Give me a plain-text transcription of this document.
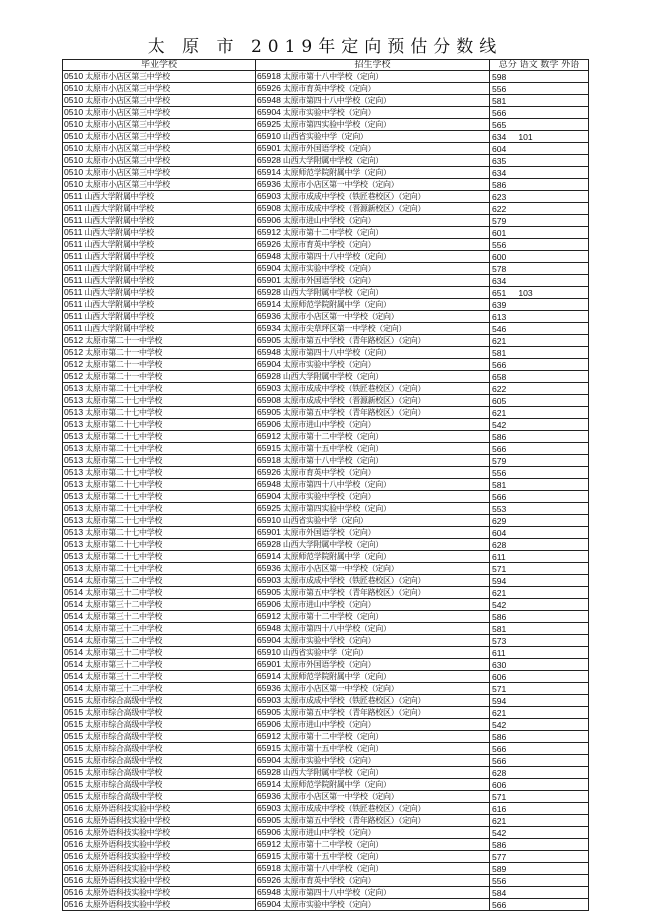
太 原 市 2019年定向预估分数线
毕业学校	招生学校	总分 语文 数学 外语
0510 太原市小店区第三中学校	65918 太原市第十八中学校（定向）	598
0510 太原市小店区第三中学校	65926 太原市育英中学校（定向）	556
0510 太原市小店区第三中学校	65948 太原市第四十八中学校（定向）	581
0510 太原市小店区第三中学校	65904 太原市实验中学校（定向）	566
0510 太原市小店区第三中学校	65925 太原市第四实验中学校（定向）	565
0510 太原市小店区第三中学校	65910 山西省实验中学（定向）	634 101
0510 太原市小店区第三中学校	65901 太原市外国语学校（定向）	604
0510 太原市小店区第三中学校	65928 山西大学附属中学校（定向）	635
0510 太原市小店区第三中学校	65914 太原师范学院附属中学（定向）	634
0510 太原市小店区第三中学校	65936 太原市小店区第一中学校（定向）	586
0511 山西大学附属中学校	65903 太原市成成中学校（铁匠巷校区）（定向）	623
0511 山西大学附属中学校	65908 太原市成成中学校（晋源新校区）（定向）	622
0511 山西大学附属中学校	65906 太原市进山中学校（定向）	579
0511 山西大学附属中学校	65912 太原市第十二中学校（定向）	601
0511 山西大学附属中学校	65926 太原市育英中学校（定向）	556
0511 山西大学附属中学校	65948 太原市第四十八中学校（定向）	600
0511 山西大学附属中学校	65904 太原市实验中学校（定向）	578
0511 山西大学附属中学校	65901 太原市外国语学校（定向）	634
0511 山西大学附属中学校	65928 山西大学附属中学校（定向）	651 103
0511 山西大学附属中学校	65914 太原师范学院附属中学（定向）	639
0511 山西大学附属中学校	65936 太原市小店区第一中学校（定向）	613
0511 山西大学附属中学校	65934 太原市尖草坪区第一中学校（定向）	546
0512 太原市第二十一中学校	65905 太原市第五中学校（青年路校区）（定向）	621
0512 太原市第二十一中学校	65948 太原市第四十八中学校（定向）	581
0512 太原市第二十一中学校	65904 太原市实验中学校（定向）	566
0512 太原市第二十一中学校	65928 山西大学附属中学校（定向）	658
0513 太原市第二十七中学校	65903 太原市成成中学校（铁匠巷校区）（定向）	622
0513 太原市第二十七中学校	65908 太原市成成中学校（晋源新校区）（定向）	605
0513 太原市第二十七中学校	65905 太原市第五中学校（青年路校区）（定向）	621
0513 太原市第二十七中学校	65906 太原市进山中学校（定向）	542
0513 太原市第二十七中学校	65912 太原市第十二中学校（定向）	586
0513 太原市第二十七中学校	65915 太原市第十五中学校（定向）	566
0513 太原市第二十七中学校	65918 太原市第十八中学校（定向）	579
0513 太原市第二十七中学校	65926 太原市育英中学校（定向）	556
0513 太原市第二十七中学校	65948 太原市第四十八中学校（定向）	581
0513 太原市第二十七中学校	65904 太原市实验中学校（定向）	566
0513 太原市第二十七中学校	65925 太原市第四实验中学校（定向）	553
0513 太原市第二十七中学校	65910 山西省实验中学（定向）	629
0513 太原市第二十七中学校	65901 太原市外国语学校（定向）	604
0513 太原市第二十七中学校	65928 山西大学附属中学校（定向）	628
0513 太原市第二十七中学校	65914 太原师范学院附属中学（定向）	611
0513 太原市第二十七中学校	65936 太原市小店区第一中学校（定向）	571
0514 太原市第三十二中学校	65903 太原市成成中学校（铁匠巷校区）（定向）	594
0514 太原市第三十二中学校	65905 太原市第五中学校（青年路校区）（定向）	621
0514 太原市第三十二中学校	65906 太原市进山中学校（定向）	542
0514 太原市第三十二中学校	65912 太原市第十二中学校（定向）	586
0514 太原市第三十二中学校	65948 太原市第四十八中学校（定向）	581
0514 太原市第三十二中学校	65904 太原市实验中学校（定向）	573
0514 太原市第三十二中学校	65910 山西省实验中学（定向）	611
0514 太原市第三十二中学校	65901 太原市外国语学校（定向）	630
0514 太原市第三十二中学校	65914 太原师范学院附属中学（定向）	606
0514 太原市第三十二中学校	65936 太原市小店区第一中学校（定向）	571
0515 太原市综合高级中学校	65903 太原市成成中学校（铁匠巷校区）（定向）	594
0515 太原市综合高级中学校	65905 太原市第五中学校（青年路校区）（定向）	621
0515 太原市综合高级中学校	65906 太原市进山中学校（定向）	542
0515 太原市综合高级中学校	65912 太原市第十二中学校（定向）	586
0515 太原市综合高级中学校	65915 太原市第十五中学校（定向）	566
0515 太原市综合高级中学校	65904 太原市实验中学校（定向）	566
0515 太原市综合高级中学校	65928 山西大学附属中学校（定向）	628
0515 太原市综合高级中学校	65914 太原师范学院附属中学（定向）	606
0515 太原市综合高级中学校	65936 太原市小店区第一中学校（定向）	571
0516 太原外语科技实验中学校	65903 太原市成成中学校（铁匠巷校区）（定向）	616
0516 太原外语科技实验中学校	65905 太原市第五中学校（青年路校区）（定向）	621
0516 太原外语科技实验中学校	65906 太原市进山中学校（定向）	542
0516 太原外语科技实验中学校	65912 太原市第十二中学校（定向）	586
0516 太原外语科技实验中学校	65915 太原市第十五中学校（定向）	577
0516 太原外语科技实验中学校	65918 太原市第十八中学校（定向）	589
0516 太原外语科技实验中学校	65926 太原市育英中学校（定向）	556
0516 太原外语科技实验中学校	65948 太原市第四十八中学校（定向）	584
0516 太原外语科技实验中学校	65904 太原市实验中学校（定向）	566
